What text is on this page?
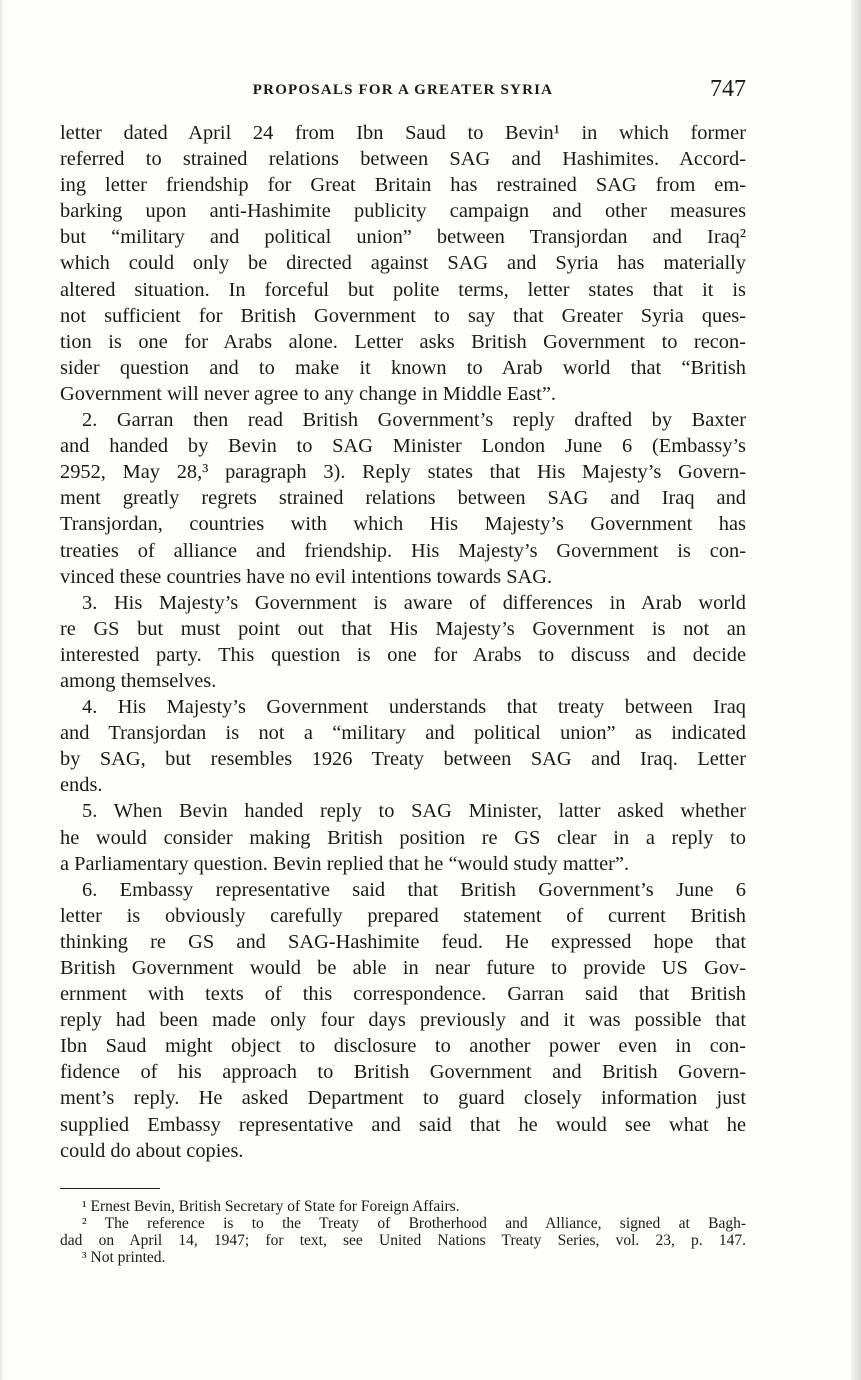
PROPOSALS FOR A GREATER SYRIA	747
letter dated April 24 from Ibn Saud to Bevin¹ in which former
referred to strained relations between SAG and Hashimites. Accord-
ing letter friendship for Great Britain has restrained SAG from em-
barking upon anti-Hashimite publicity campaign and other measures
but “military and political union” between Transjordan and Iraq²
which could only be directed against SAG and Syria has materially
altered situation. In forceful but polite terms, letter states that it is
not sufficient for British Government to say that Greater Syria ques-
tion is one for Arabs alone. Letter asks British Government to recon-
sider question and to make it known to Arab world that “British
Government will never agree to any change in Middle East”.
2. Garran then read British Government’s reply drafted by Baxter
and handed by Bevin to SAG Minister London June 6 (Embassy’s
2952, May 28,³ paragraph 3). Reply states that His Majesty’s Govern-
ment greatly regrets strained relations between SAG and Iraq and
Transjordan, countries with which His Majesty’s Government has
treaties of alliance and friendship. His Majesty’s Government is con-
vinced these countries have no evil intentions towards SAG.
3. His Majesty’s Government is aware of differences in Arab world
re GS but must point out that His Majesty’s Government is not an
interested party. This question is one for Arabs to discuss and decide
among themselves.
4. His Majesty’s Government understands that treaty between Iraq
and Transjordan is not a “military and political union” as indicated
by SAG, but resembles 1926 Treaty between SAG and Iraq. Letter
ends.
5. When Bevin handed reply to SAG Minister, latter asked whether
he would consider making British position re GS clear in a reply to
a Parliamentary question. Bevin replied that he “would study matter”.
6. Embassy representative said that British Government’s June 6
letter is obviously carefully prepared statement of current British
thinking re GS and SAG-Hashimite feud. He expressed hope that
British Government would be able in near future to provide US Gov-
ernment with texts of this correspondence. Garran said that British
reply had been made only four days previously and it was possible that
Ibn Saud might object to disclosure to another power even in con-
fidence of his approach to British Government and British Govern-
ment’s reply. He asked Department to guard closely information just
supplied Embassy representative and said that he would see what he
could do about copies.
¹ Ernest Bevin, British Secretary of State for Foreign Affairs.
² The reference is to the Treaty of Brotherhood and Alliance, signed at Bagh-
dad on April 14, 1947; for text, see United Nations Treaty Series, vol. 23, p. 147.
³ Not printed.
